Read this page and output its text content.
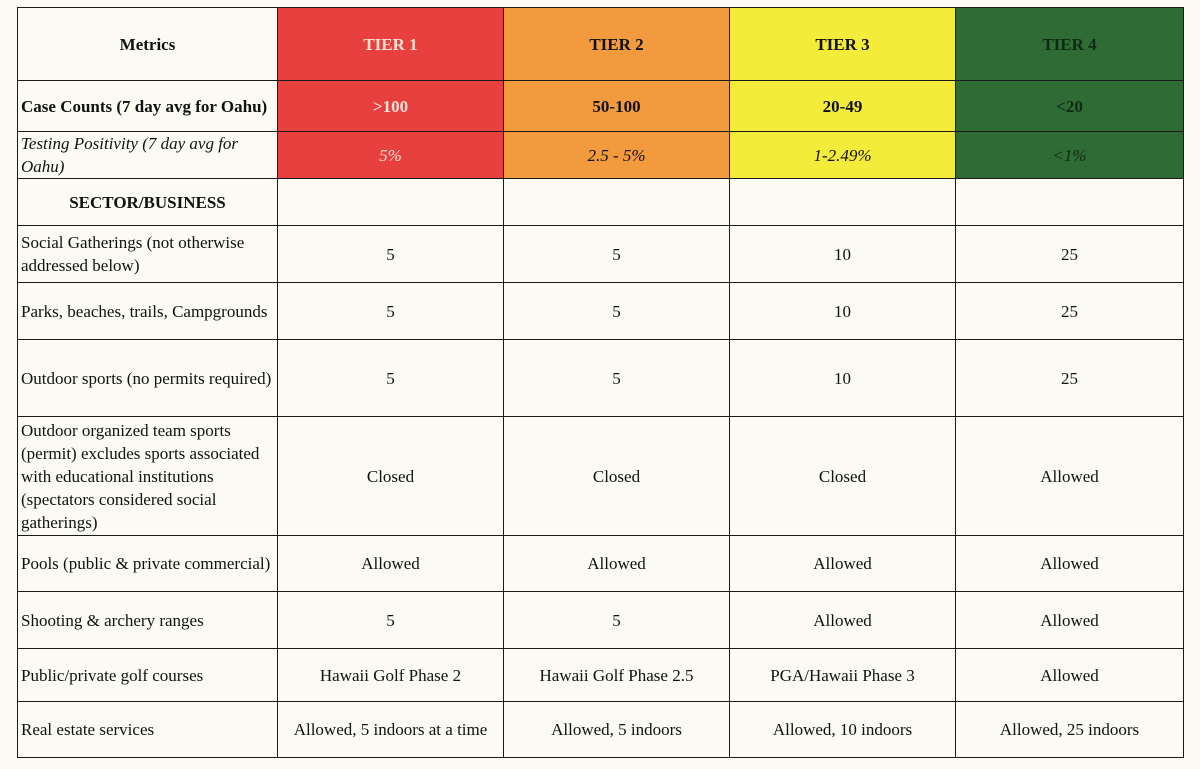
Metrics	TIER 1	TIER 2	TIER 3	TIER 4
Case Counts (7 day avg for Oahu)	>100	50-100	20-49	<20
Testing Positivity (7 day avg for Oahu)	5%	2.5 - 5%	1-2.49%	<1%
SECTOR/BUSINESS				
Social Gatherings (not otherwise addressed below)	5	5	10	25
Parks, beaches, trails, Campgrounds	5	5	10	25
Outdoor sports (no permits required)	5	5	10	25
Outdoor organized team sports (permit) excludes sports associated with educational institutions (spectators considered social gatherings)	Closed	Closed	Closed	Allowed
Pools (public & private commercial)	Allowed	Allowed	Allowed	Allowed
Shooting & archery ranges	5	5	Allowed	Allowed
Public/private golf courses	Hawaii Golf Phase 2	Hawaii Golf Phase 2.5	PGA/Hawaii Phase 3	Allowed
Real estate services	Allowed, 5 indoors at a time	Allowed, 5 indoors	Allowed, 10 indoors	Allowed, 25 indoors
